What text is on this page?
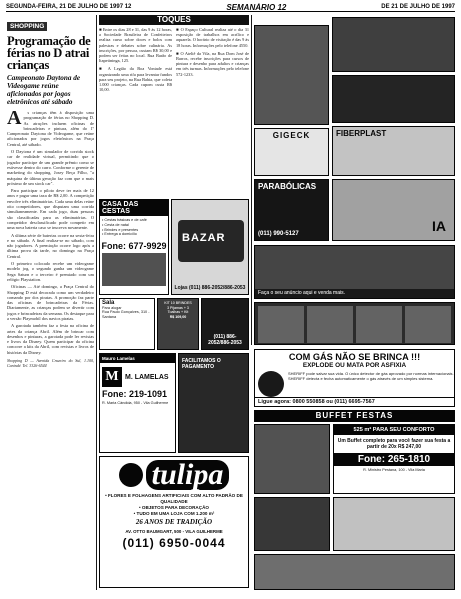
SEGUNDA-FEIRA, 21 DE JULHO DE 1997 12	SEMANÁRIO 12	DE 21 DE JULHO DE 1997
SHOPPING
Programação de férias no D atrai crianças
Campeonato Daytona de Videogame reúne aficionados por jogos eletrônicos até sábado
A	s crianças têm à disposição uma programação de férias no Shopping D. As atrações incluem oficinas de brincadeiras e pintura, além do 1º Campeonato Daytona de Videogame, que reúne aficionados por jogos eletrônicos na Praça Central, até sábado.

O Daytona é um simulador de corrida stock car de realidade virtual, permitindo que o jogador participe de um grande prêmio como se estivesse dentro do carro. Conforme o gerente de marketing do shopping, Josey Beça Filho, "a máquina de última geração faz com que o mais próximo de um stock car".

Para participar o piloto deve ter mais de 12 anos e pagar uma taxa de R$ 2,00. A competição envolve três eliminatórias. Cada uma delas reúne oito competidores, que disputam uma corrida simultaneamente. Em cada jogo, duas pessoas são classificadas para as eliminatórias. O competidor desclassificado pode competir em uma nova bateria caso se inscreva novamente.

A última série de baterias ocorre na sexta-feira e no sábado. A final realiza-se no sábado, com não jogadores. A premiação ocorre logo após a última prova da tarde, no domingo na Praça Central.

O primeiro colocado recebe um videogame modelo jog, o segundo ganha um videogame Sega Saturn e o terceiro é premiado com um relógio Playstation.

Oficinas — Até domingo, a Praça Central do Shopping D está decorada como um verdadeiro comando por dos piratas. A promoção faz parte das oficinas de brincadeiras da Férias. Diariamente, as crianças podem se divertir com jogos e brincadeiras da semana. Os destaque para a versão Playmobil dos navios piratas.

A garotada também faz a festa na oficina de artes da criança Abril. Além de brincar com desenhos e pinturas, a garotada pode ler revistas e livros da Disney. Quem participar da oficina concorre a kits da Abril, com revistas e livros de histórias da Disney.

Shopping D — Avenida Cruzeiro do Sul, 1.100, Canindé. Tel. 3326-6544
TOQUES

■ Entre os dias 28 e 31, das 9 às 12 horas, a Sociedade Brasileira de Confeiteiros realiza curso sobre doces e bolos com palestras e debates sobre culinária. As inscrições, por pessoa, custam R$ 30,00 e podem ser feitas no local. Rua Barão de Itapetininga, 125.

■ A Legião da Boa Vontade está organizando uma rifa para levantar fundos para seu projeto, na Rua Bahia, que coleta 1.000 crianças. Cada cupom custa R$ 10,00.

■ O Espaço Cultural realiza até o dia 31 exposição de trabalhos em acrílico e aquarela. O horário de visitação é das 9 às 18 horas. Informações pelo telefone 4550.

■ O Ateliê da Vila, na Rua Dom José de Barros, recebe inscrições para cursos de pintura e desenho para adultos e crianças em três turmas. Informações pelo telefone 572-1233.

CASA DAS CESTAS
• Cestas básicas e de café
• Cesta de natal
• Brindes e presentes
• Entrega a domicílio
Fone: 677-9929
BAZAR
Lojas (011) 886-2052/886-2053
Sala
Para alugar
Rua Paulo Gonçalves, 310 - Santana
KIT 10 BRINDES
3 Pijamas + 3
Toalhas + Kit
R$ 109,00
(011) 886-2052/886-2053
Mauro Lamelas
M M. LAMELAS
Fone: 219-1091
R. Maria Cândida, 950 - Vila Guilherme
FACILITAMOS O PAGAMENTO
tulipa
• FLORES E FOLHAGENS ARTIFICIAIS COM ALTO PADRÃO DE QUALIDADE
• OBJETOS PARA DECORAÇÃO
• TUDO EM UMA LOJA COM 1.200 m²
26 ANOS DE TRADIÇÃO
AV. OTTO BAUMGART, 500 - VILA GUILHERME
(011) 6950-0044
GIGECK	FIBERPLAST
PARABÓLICAS
(011) 990-5127	IA
Faça o seu anúncio aqui e venda mais.
COM GÁS NÃO SE BRINCA !!!
EXPLODE OU MATA POR ASFIXIA
SHERIFF pode salvar sua vida. O único detector de gás aprovado por normas internacionais. SHERIFF detecta e fecha automaticamente o gás através de um simples sistema.
Ligue agora: 0800 550858 ou (011) 6695-7567
BUFFET FESTAS
525 m² PARA SEU CONFORTO
Um Buffet completo para você fazer sua festa a partir de 20x R$ 247,00
Fone: 265-1810
R. Ministro Pestana, 100 - Vila Maria
